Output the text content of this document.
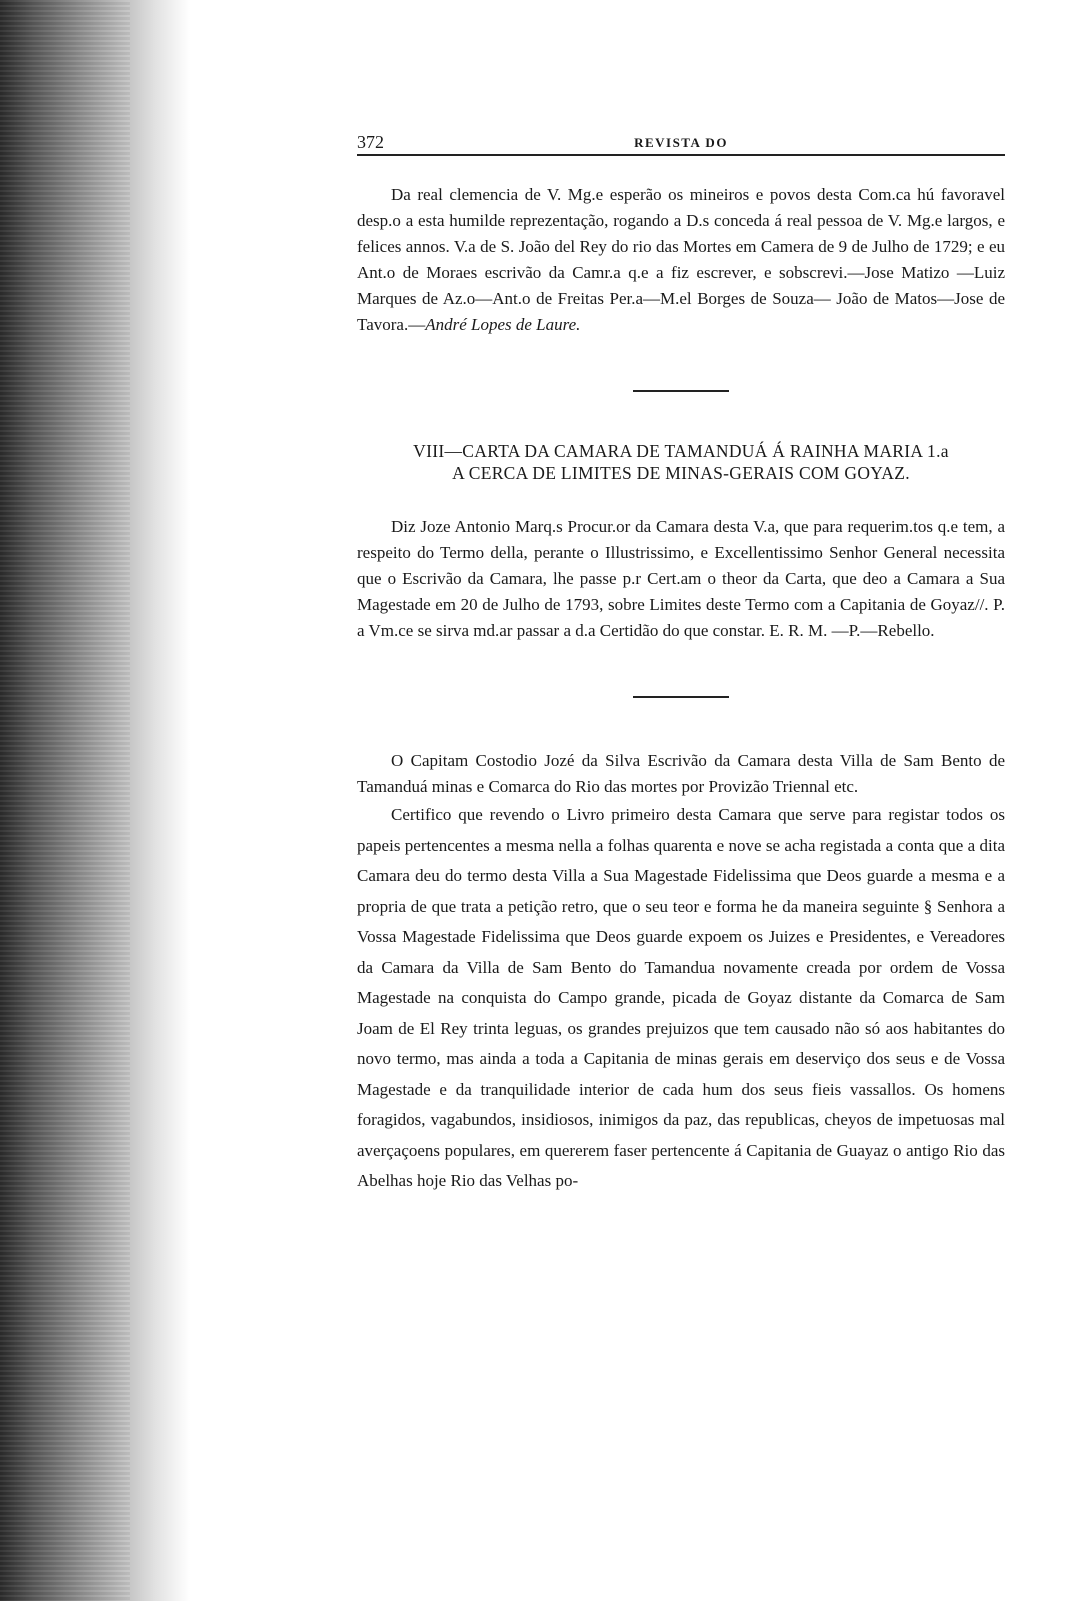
372	REVISTA DO

Da real clemencia de V. Mg.e esperão os mineiros e povos desta Com.ca hú favoravel desp.o a esta humilde reprezentação, rogando a D.s conceda á real pessoa de V. Mg.e largos, e felices annos. V.a de S. João del Rey do rio das Mortes em Camera de 9 de Julho de 1729; e eu Ant.o de Moraes escrivão da Camr.a q.e a fiz escrever, e sobscrevi.—Jose Matizo —Luiz Marques de Az.o—Ant.o de Freitas Per.a—M.el Borges de Souza— João de Matos—Jose de Tavora.—André Lopes de Laure.

VIII—CARTA DA CAMARA DE TAMANDUÁ Á RAINHA MARIA 1.a
A CERCA DE LIMITES DE MINAS-GERAIS COM GOYAZ.

Diz Joze Antonio Marq.s Procur.or da Camara desta V.a, que para requerim.tos q.e tem, a respeito do Termo della, perante o Illustrissimo, e Excellentissimo Senhor General necessita que o Escrivão da Camara, lhe passe p.r Cert.am o theor da Carta, que deo a Camara a Sua Magestade em 20 de Julho de 1793, sobre Limites deste Termo com a Capitania de Goyaz//. P. a Vm.ce se sirva md.ar passar a d.a Certidão do que constar. E. R. M. —P.—Rebello.

O Capitam Costodio Jozé da Silva Escrivão da Camara desta Villa de Sam Bento de Tamanduá minas e Comarca do Rio das mortes por Provizão Triennal etc.

Certifico que revendo o Livro primeiro desta Camara que serve para registar todos os papeis pertencentes a mesma nella a folhas quarenta e nove se acha registada a conta que a dita Camara deu do termo desta Villa a Sua Magestade Fidelissima que Deos guarde a mesma e a propria de que trata a petição retro, que o seu teor e forma he da maneira seguinte § Senhora a Vossa Magestade Fidelissima que Deos guarde expoem os Juizes e Presidentes, e Vereadores da Camara da Villa de Sam Bento do Tamandua novamente creada por ordem de Vossa Magestade na conquista do Campo grande, picada de Goyaz distante da Comarca de Sam Joam de El Rey trinta leguas, os grandes prejuizos que tem causado não só aos habitantes do novo termo, mas ainda a toda a Capitania de minas gerais em deserviço dos seus e de Vossa Magestade e da tranquilidade interior de cada hum dos seus fieis vassallos. Os homens foragidos, vagabundos, insidiosos, inimigos da paz, das republicas, cheyos de impetuosas mal averçaçoens populares, em quererem faser pertencente á Capitania de Guayaz o antigo Rio das Abelhas hoje Rio das Velhas po-
